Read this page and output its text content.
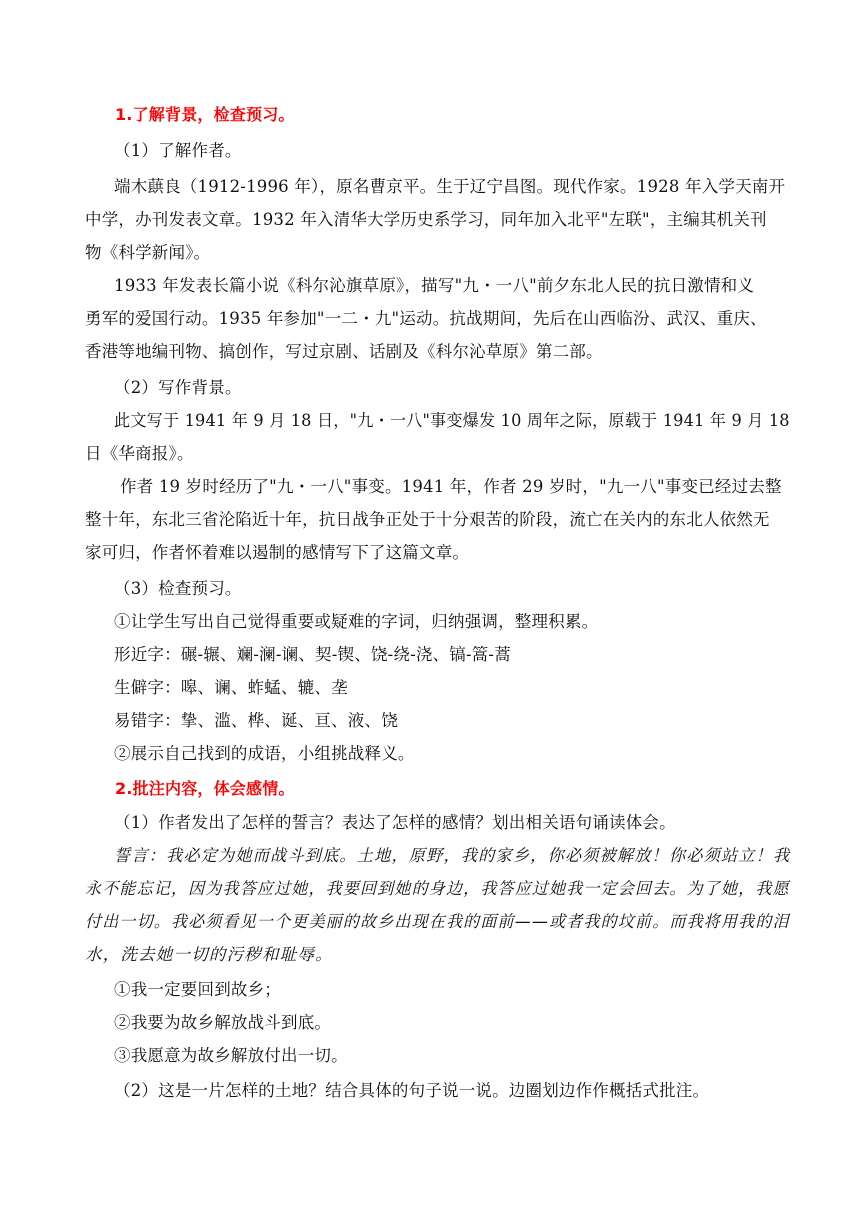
1.了解背景，检查预习。
（1）了解作者。
端木蕻良（1912-1996 年），原名曹京平。生于辽宁昌图。现代作家。1928 年入学天南开
中学，办刊发表文章。1932 年入清华大学历史系学习，同年加入北平"左联"，主编其机关刊
物《科学新闻》。
1933 年发表长篇小说《科尔沁旗草原》，描写"九・一八"前夕东北人民的抗日激情和义
勇军的爱国行动。1935 年参加"一二・九"运动。抗战期间，先后在山西临汾、武汉、重庆、
香港等地编刊物、搞创作，写过京剧、话剧及《科尔沁草原》第二部。
（2）写作背景。
此文写于 1941 年 9 月 18 日，"九・一八"事变爆发 10 周年之际，原载于 1941 年 9 月 18
日《华商报》。
作者 19 岁时经历了"九・一八"事变。1941 年，作者 29 岁时，"九一八"事变已经过去整
整十年，东北三省沦陷近十年，抗日战争正处于十分艰苦的阶段，流亡在关内的东北人依然无
家可归，作者怀着难以遏制的感情写下了这篇文章。
（3）检查预习。
①让学生写出自己觉得重要或疑难的字词，归纳强调，整理积累。
形近字：碾-辗、斓-澜-谰、契-锲、饶-绕-浇、镐-篙-蒿
生僻字：嗥、谰、蚱蜢、辘、垄
易错字：挚、滥、桦、诞、亘、液、饶
②展示自己找到的成语，小组挑战释义。
2.批注内容，体会感情。
（1）作者发出了怎样的誓言？表达了怎样的感情？划出相关语句诵读体会。
誓言：我必定为她而战斗到底。土地，原野，我的家乡，你必须被解放！你必须站立！我
永不能忘记，因为我答应过她，我要回到她的身边，我答应过她我一定会回去。为了她，我愿
付出一切。我必须看见一个更美丽的故乡出现在我的面前——或者我的坟前。而我将用我的泪
水，洗去她一切的污秽和耻辱。
①我一定要回到故乡；
②我要为故乡解放战斗到底。
③我愿意为故乡解放付出一切。
（2）这是一片怎样的土地？结合具体的句子说一说。边圈划边作作概括式批注。
